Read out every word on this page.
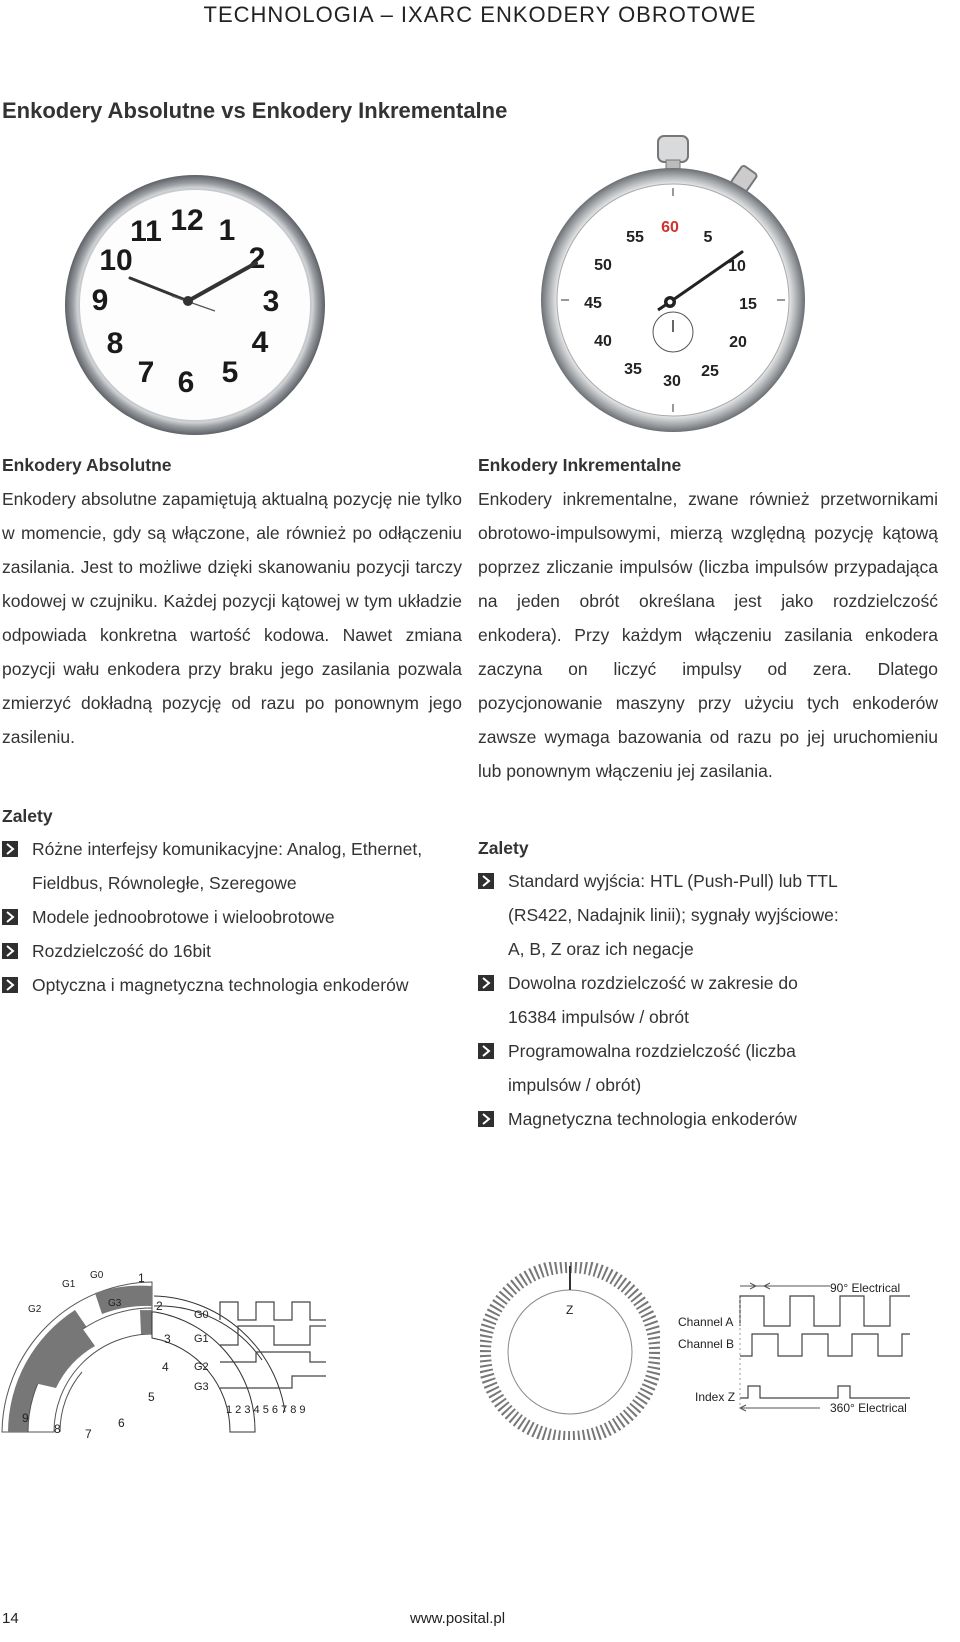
TECHNOLOGIA – IXARC ENKODERY OBROTOWE
Enkodery Absolutne vs Enkodery Inkrementalne
12 1
2
3
4
5
6
7
8
9
10
11	60
5
10
15
20
25
30
35
40
45
50
55
Enkodery Absolutne
Enkodery absolutne zapamiętują aktualną pozycję nie tylko w momencie, gdy są włączone, ale również po odłączeniu zasilania. Jest to możliwe dzięki skanowaniu pozycji tarczy kodowej w czujniku. Każdej pozycji kątowej w tym układzie odpowiada konkretna wartość kodowa. Nawet zmiana pozycji wału enkodera przy braku jego zasilania pozwala zmierzyć dokładną pozycję od razu po ponownym jego zasileniu.
Zalety
Różne interfejsy komunikacyjne: Analog, Ethernet, Fieldbus, Równoległe, Szeregowe
Modele jednoobrotowe i wieloobrotowe
Rozdzielczość do 16bit
Optyczna i magnetyczna technologia enkoderów
Enkodery Inkrementalne
Enkodery inkrementalne, zwane również przetwornikami obrotowo-impulsowymi, mierzą względną pozycję kątową poprzez zliczanie impulsów (liczba impulsów przypadająca na jeden obrót określana jest jako rozdzielczość enkodera). Przy każdym włączeniu zasilania enkodera zaczyna on liczyć impulsy od zera. Dlatego pozycjonowanie maszyny przy użyciu tych enkoderów zawsze wymaga bazowania od razu po jej uruchomieniu lub ponownym włączeniu jej zasilania.
Zalety
Standard wyjścia: HTL (Push-Pull) lub TTL (RS422, Nadajnik linii); sygnały wyjściowe: A, B, Z oraz ich negacje
Dowolna rozdzielczość w zakresie do 16384 impulsów / obrót
Programowalna rozdzielczość (liczba impulsów / obrót)
Magnetyczna technologia enkoderów
G1
G0
G2
G3
1
2
3
4
5
6
7
8
9
G0
G1
G2
G3
1 2 3 4 5 6 7 8 9
Z
90° Electrical
Channel A
Channel B
Index Z
360° Electrical
14	www.posital.pl
